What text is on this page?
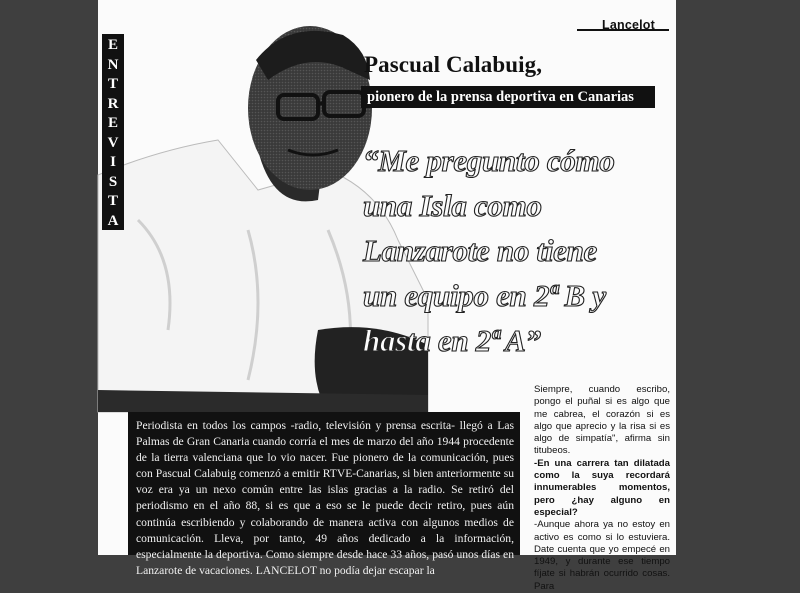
Lancelot
E
N
T
R
E
V
I
S
T
A
Pascual Calabuig,
pionero de la prensa deportiva en Canarias
“Me pregunto cómo
una Isla como
Lanzarote no tiene
un equipo en 2ª B y
hasta en 2ª A”
Periodista en todos los campos -radio, televisión y prensa escrita- llegó a Las Palmas de Gran Canaria cuando corría el mes de marzo del año 1944 procedente de la tierra valenciana que lo vio nacer. Fue pionero de la comunicación, pues con Pascual Calabuig comenzó a emitir RTVE-Canarias, si bien anteriormente su voz era ya un nexo común entre las islas gracias a la radio. Se retiró del periodismo en el año 88, si es que a eso se le puede decir retiro, pues aún continúa escribiendo y colaborando de manera activa con algunos medios de comunicación. Lleva, por tanto, 49 años dedicado a la información, especialmente la deportiva. Como siempre desde hace 33 años, pasó unos días en Lanzarote de vacaciones. LANCELOT no podía dejar escapar la

Siempre, cuando escribo, pongo el puñal si es algo que me cabrea, el corazón si es algo que aprecio y la risa si es algo de simpatía", afirma sin titubeos.

-En una carrera tan dilatada como la suya recordará innumerables momentos, pero ¿hay alguno en especial?

-Aunque ahora ya no estoy en activo es como si lo estuviera. Date cuenta que yo empecé en 1949, y durante ese tiempo fíjate si habrán ocurrido cosas. Para
